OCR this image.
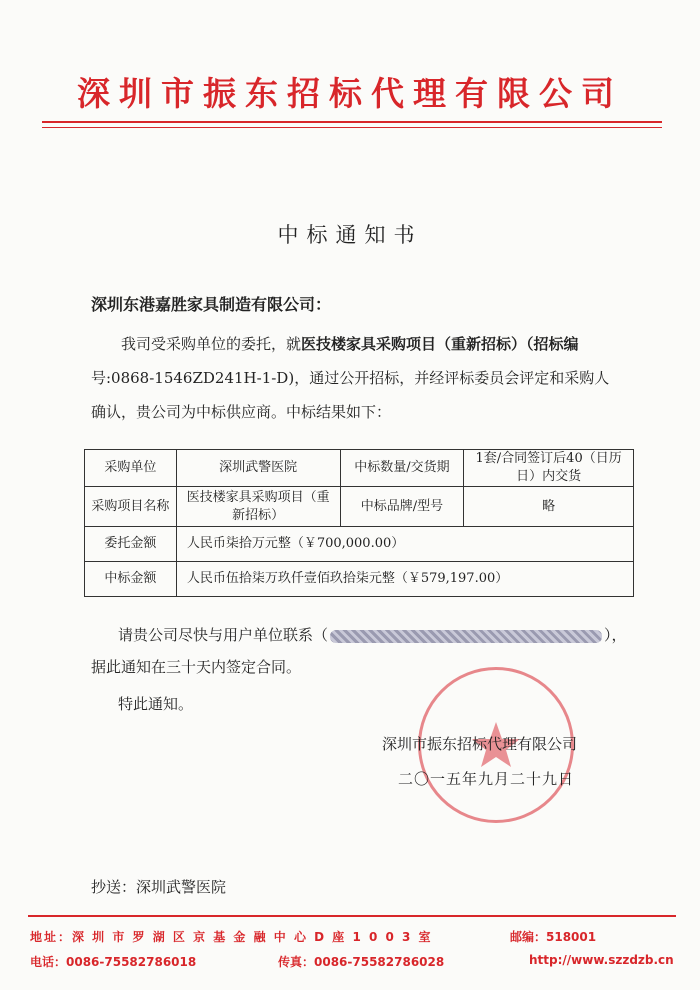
深圳市振东招标代理有限公司
中标通知书
深圳东港嘉胜家具制造有限公司：
我司受采购单位的委托，就医技楼家具采购项目（重新招标）（招标编号:0868-1546ZD241H-1-D)，通过公开招标，并经评标委员会评定和采购人确认，贵公司为中标供应商。中标结果如下：
采购单位	深圳武警医院	中标数量/交货期	1套/合同签订后40（日历日）内交货
采购项目名称	医技楼家具采购项目（重新招标）	中标品牌/型号	略
委托金额	人民币柒拾万元整（￥700,000.00）		
中标金额	人民币伍拾柒万玖仟壹佰玖拾柒元整（￥579,197.00）		
请贵公司尽快与用户单位联系（	），
据此通知在三十天内签定合同。
特此通知。
深圳市振东招标代理有限公司
二〇一五年九月二十九日
抄送：深圳武警医院
地址：深 圳 市 罗 湖 区 京 基 金 融 中 心 D 座 1 0 0 3 室	邮编：518001
电话：0086-75582786018	传真：0086-75582786028	http://www.szzdzb.cn
